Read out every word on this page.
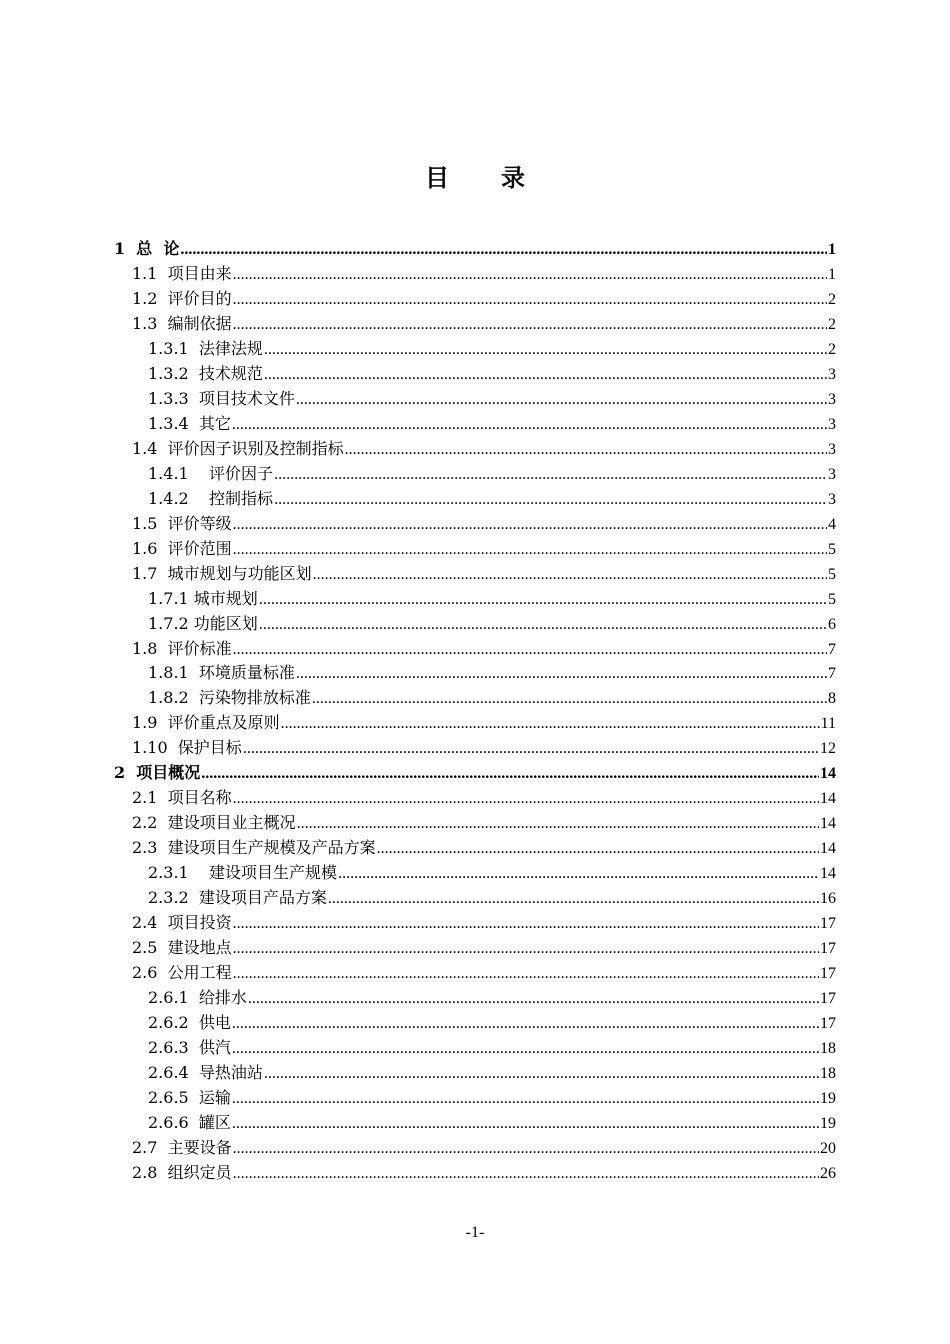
目 录
1  总  论 .....	1
1.1  项目由来 .....	1
1.2  评价目的 .....	2
1.3  编制依据 .....	2
1.3.1  法律法规 .....	2
1.3.2  技术规范 .....	3
1.3.3  项目技术文件 .....	3
1.3.4  其它 .....	3
1.4  评价因子识别及控制指标 .....	3
1.4.1    评价因子 .....	3
1.4.2    控制指标 .....	3
1.5  评价等级 .....	4
1.6  评价范围 .....	5
1.7  城市规划与功能区划 .....	5
1.7.1 城市规划 .....	5
1.7.2 功能区划 .....	6
1.8  评价标准 .....	7
1.8.1  环境质量标准 .....	7
1.8.2  污染物排放标准 .....	8
1.9  评价重点及原则 .....	11
1.10  保护目标 .....	12
2  项目概况 .....	14
2.1  项目名称 .....	14
2.2  建设项目业主概况 .....	14
2.3  建设项目生产规模及产品方案 .....	14
2.3.1    建设项目生产规模 .....	14
2.3.2  建设项目产品方案 .....	16
2.4  项目投资 .....	17
2.5  建设地点 .....	17
2.6  公用工程 .....	17
2.6.1  给排水 .....	17
2.6.2  供电 .....	17
2.6.3  供汽 .....	18
2.6.4  导热油站 .....	18
2.6.5  运输 .....	19
2.6.6  罐区 .....	19
2.7  主要设备 .....	20
2.8  组织定员 .....	26
-1-
